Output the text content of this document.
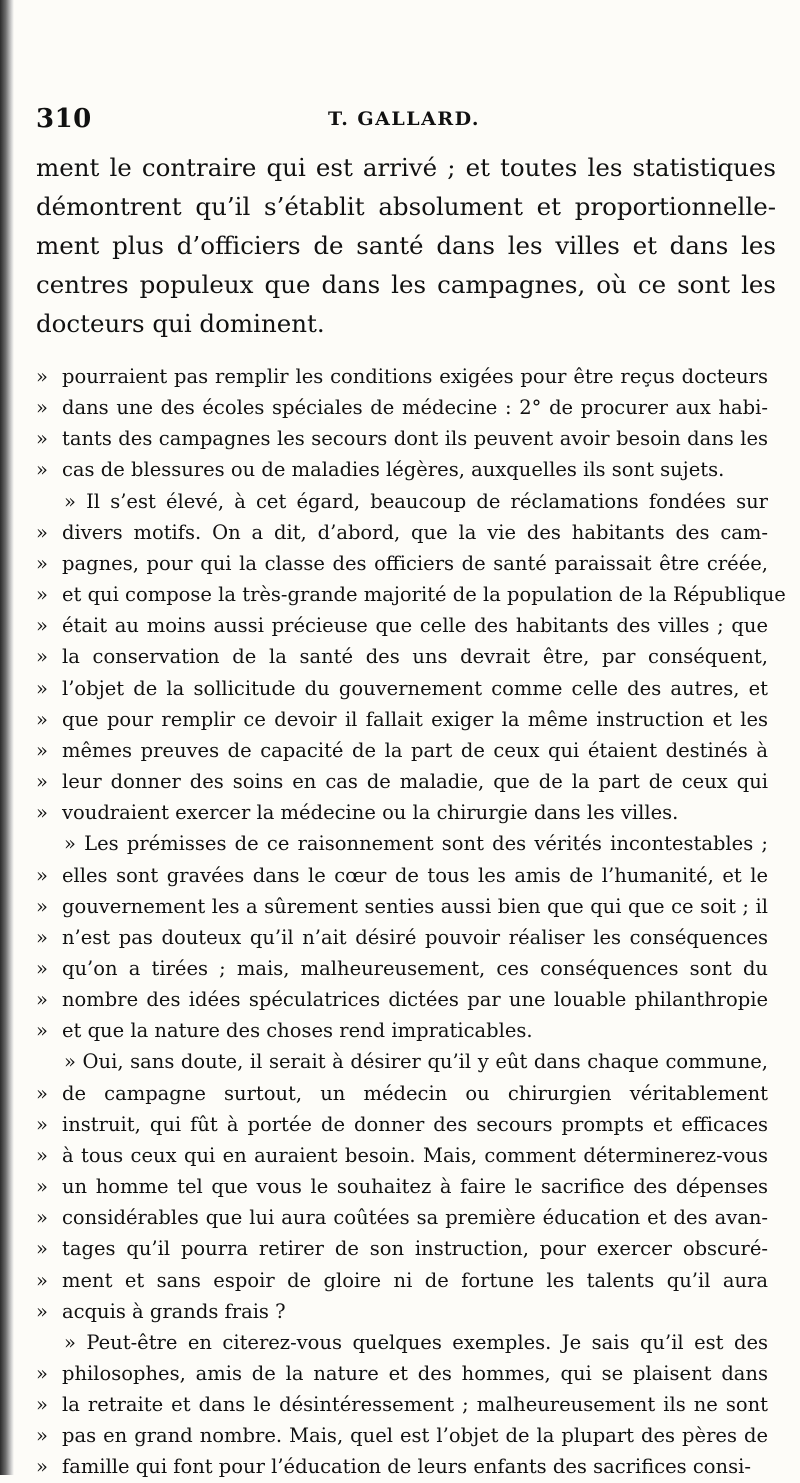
310	T. GALLARD.
ment le contraire qui est arrivé ; et toutes les statistiques
démontrent qu’il s’établit absolument et proportionnelle-
ment plus d’officiers de santé dans les villes et dans les
centres populeux que dans les campagnes, où ce sont les
docteurs qui dominent.
» pourraient pas remplir les conditions exigées pour être reçus docteurs
» dans une des écoles spéciales de médecine : 2° de procurer aux habi-
» tants des campagnes les secours dont ils peuvent avoir besoin dans les
» cas de blessures ou de maladies légères, auxquelles ils sont sujets.
» Il s’est élevé, à cet égard, beaucoup de réclamations fondées sur
» divers motifs. On a dit, d’abord, que la vie des habitants des cam-
» pagnes, pour qui la classe des officiers de santé paraissait être créée,
» et qui compose la très-grande majorité de la population de la République
» était au moins aussi précieuse que celle des habitants des villes ; que
» la conservation de la santé des uns devrait être, par conséquent,
» l’objet de la sollicitude du gouvernement comme celle des autres, et
» que pour remplir ce devoir il fallait exiger la même instruction et les
» mêmes preuves de capacité de la part de ceux qui étaient destinés à
» leur donner des soins en cas de maladie, que de la part de ceux qui
» voudraient exercer la médecine ou la chirurgie dans les villes.
» Les prémisses de ce raisonnement sont des vérités incontestables ;
» elles sont gravées dans le cœur de tous les amis de l’humanité, et le
» gouvernement les a sûrement senties aussi bien que qui que ce soit ; il
» n’est pas douteux qu’il n’ait désiré pouvoir réaliser les conséquences
» qu’on a tirées ; mais, malheureusement, ces conséquences sont du
» nombre des idées spéculatrices dictées par une louable philanthropie
» et que la nature des choses rend impraticables.
» Oui, sans doute, il serait à désirer qu’il y eût dans chaque commune,
» de campagne surtout, un médecin ou chirurgien véritablement
» instruit, qui fût à portée de donner des secours prompts et efficaces
» à tous ceux qui en auraient besoin. Mais, comment déterminerez-vous
» un homme tel que vous le souhaitez à faire le sacrifice des dépenses
» considérables que lui aura coûtées sa première éducation et des avan-
» tages qu’il pourra retirer de son instruction, pour exercer obscuré-
» ment et sans espoir de gloire ni de fortune les talents qu’il aura
» acquis à grands frais ?
» Peut-être en citerez-vous quelques exemples. Je sais qu’il est des
» philosophes, amis de la nature et des hommes, qui se plaisent dans
» la retraite et dans le désintéressement ; malheureusement ils ne sont
» pas en grand nombre. Mais, quel est l’objet de la plupart des pères de
» famille qui font pour l’éducation de leurs enfants des sacrifices consi-
